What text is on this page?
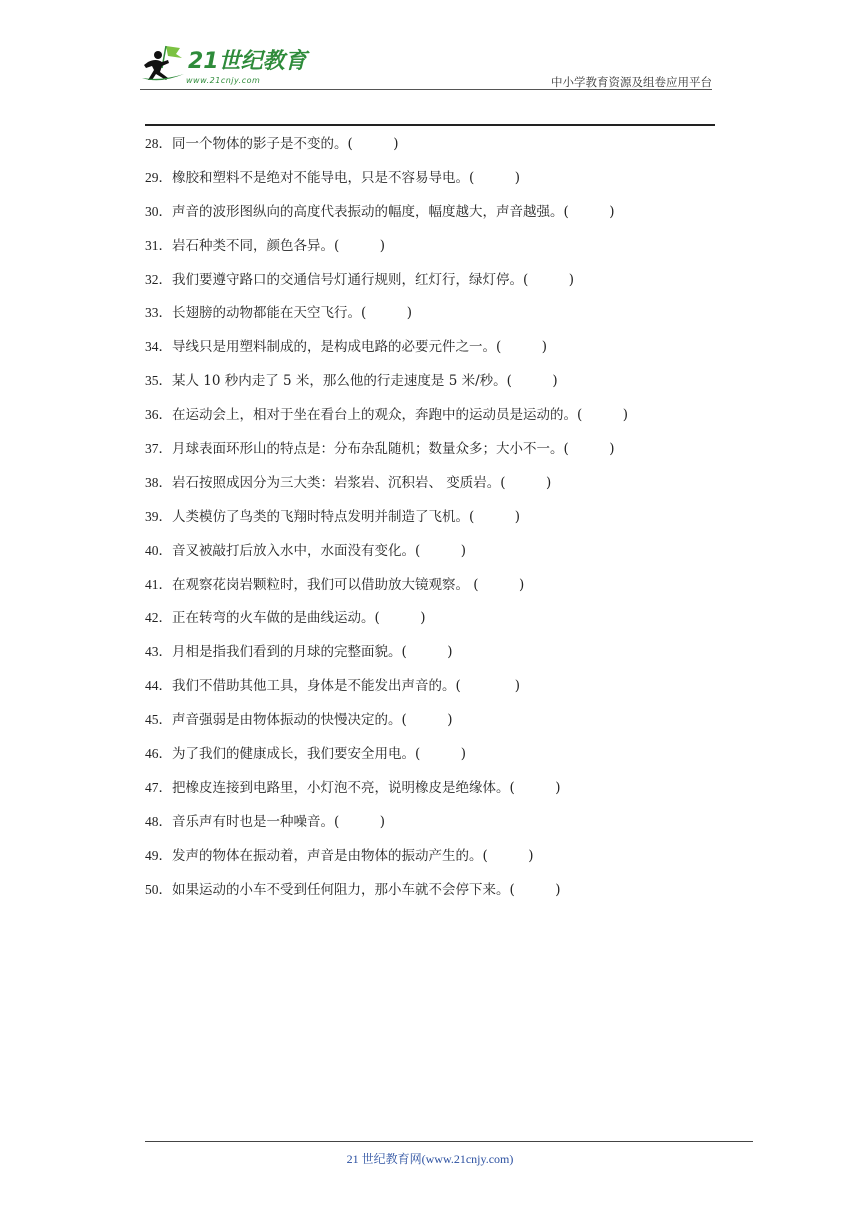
21世纪教育
www.21cnjy.com	中小学教育资源及组卷应用平台
28．同一个物体的影子是不变的。(　　　)
29．橡胶和塑料不是绝对不能导电，只是不容易导电。(　　　)
30．声音的波形图纵向的高度代表振动的幅度，幅度越大，声音越强。(　　　)
31．岩石种类不同，颜色各异。(　　　)
32．我们要遵守路口的交通信号灯通行规则，红灯行，绿灯停。(　　　)
33．长翅膀的动物都能在天空飞行。(　　　)
34．导线只是用塑料制成的，是构成电路的必要元件之一。(　　　)
35．某人 10 秒内走了 5 米，那么他的行走速度是 5 米/秒。(　　　)
36．在运动会上，相对于坐在看台上的观众，奔跑中的运动员是运动的。(　　　)
37．月球表面环形山的特点是：分布杂乱随机；数量众多；大小不一。(　　　)
38．岩石按照成因分为三大类：岩浆岩、沉积岩、 变质岩。(　　　)
39．人类模仿了鸟类的飞翔时特点发明并制造了飞机。(　　　)
40．音叉被敲打后放入水中，水面没有变化。(　　　)
41．在观察花岗岩颗粒时，我们可以借助放大镜观察。 (　　　)
42．正在转弯的火车做的是曲线运动。(　　　)
43．月相是指我们看到的月球的完整面貌。(　　　)
44．我们不借助其他工具，身体是不能发出声音的。(　　　　)
45．声音强弱是由物体振动的快慢决定的。(　　　)
46．为了我们的健康成长，我们要安全用电。(　　　)
47．把橡皮连接到电路里，小灯泡不亮，说明橡皮是绝缘体。(　　　)
48．音乐声有时也是一种噪音。(　　　)
49．发声的物体在振动着，声音是由物体的振动产生的。(　　　)
50．如果运动的小车不受到任何阻力，那小车就不会停下来。(　　　)
21 世纪教育网(www.21cnjy.com)
